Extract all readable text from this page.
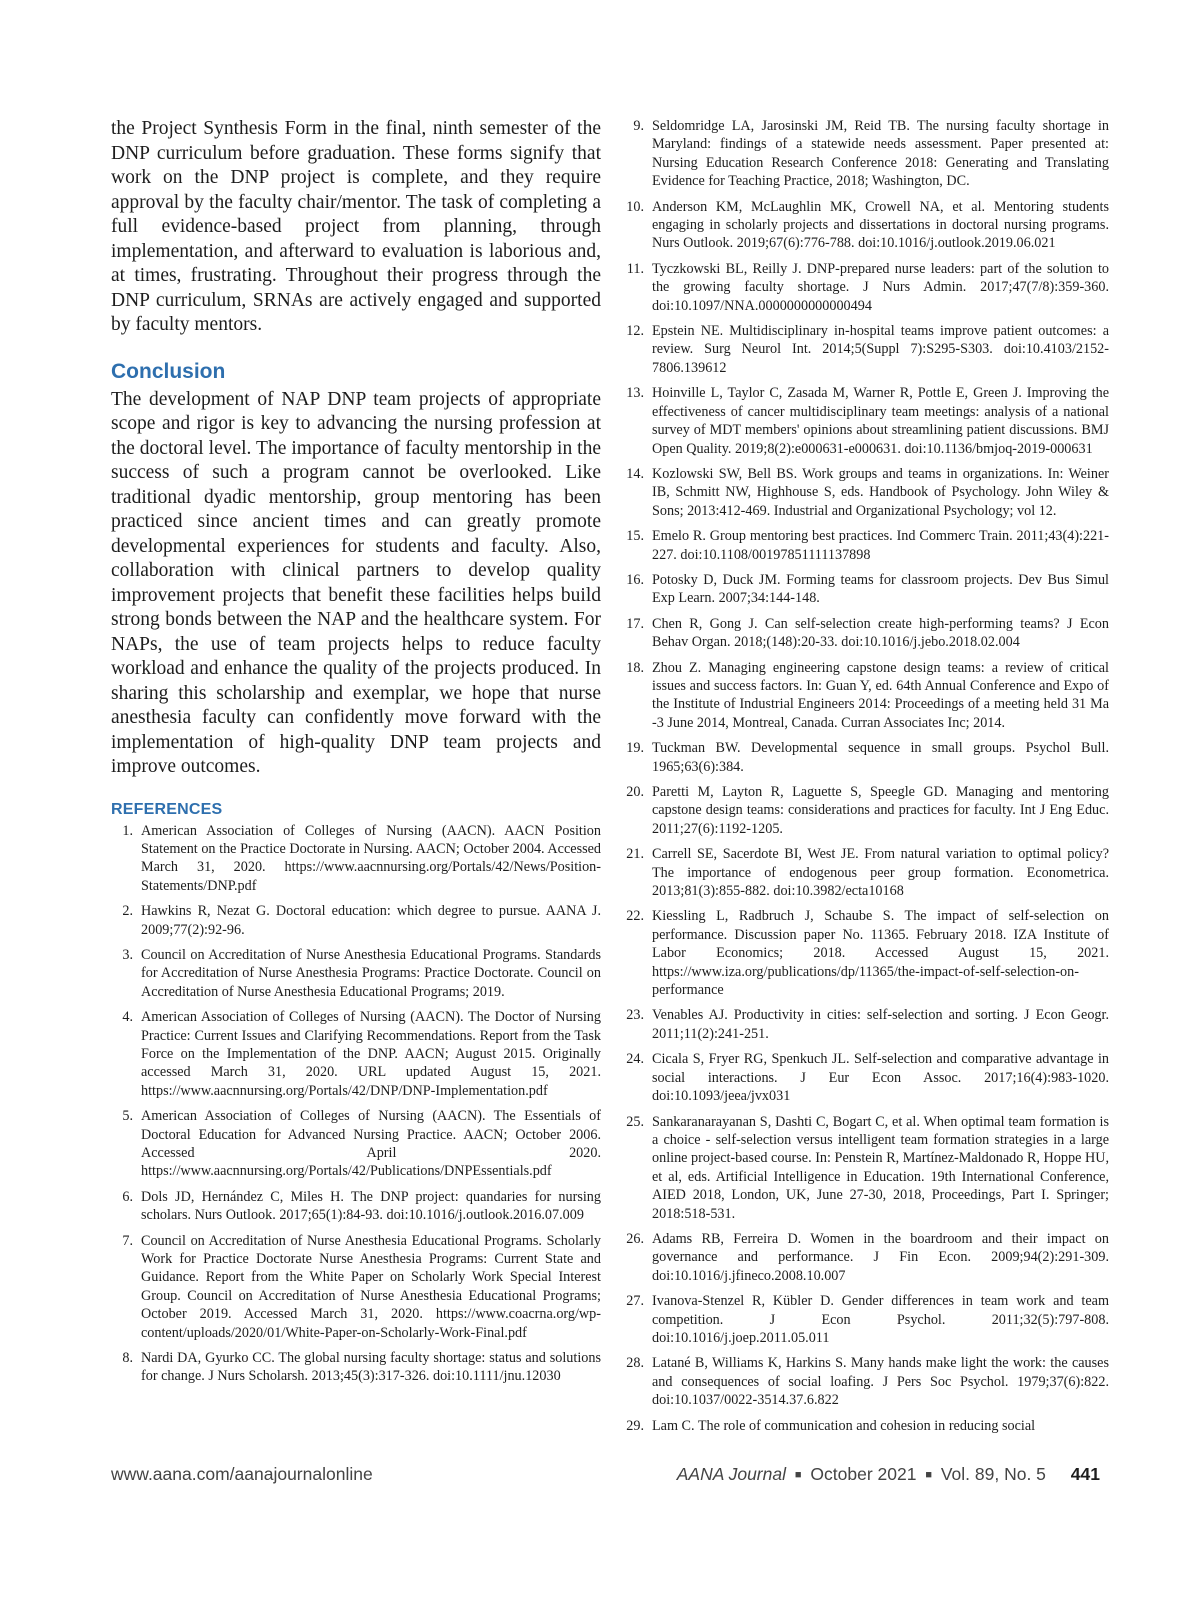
the Project Synthesis Form in the final, ninth semester of the DNP curriculum before graduation. These forms signify that work on the DNP project is complete, and they require approval by the faculty chair/mentor. The task of completing a full evidence-based project from planning, through implementation, and afterward to evaluation is laborious and, at times, frustrating. Throughout their progress through the DNP curriculum, SRNAs are actively engaged and supported by faculty mentors.

Conclusion

The development of NAP DNP team projects of appropriate scope and rigor is key to advancing the nursing profession at the doctoral level. The importance of faculty mentorship in the success of such a program cannot be overlooked. Like traditional dyadic mentorship, group mentoring has been practiced since ancient times and can greatly promote developmental experiences for students and faculty. Also, collaboration with clinical partners to develop quality improvement projects that benefit these facilities helps build strong bonds between the NAP and the healthcare system. For NAPs, the use of team projects helps to reduce faculty workload and enhance the quality of the projects produced. In sharing this scholarship and exemplar, we hope that nurse anesthesia faculty can confidently move forward with the implementation of high-quality DNP team projects and improve outcomes.

REFERENCES
1. American Association of Colleges of Nursing (AACN). AACN Position Statement on the Practice Doctorate in Nursing. AACN; October 2004. Accessed March 31, 2020. https://www.aacnnursing.org/Portals/42/News/Position-Statements/DNP.pdf
2. Hawkins R, Nezat G. Doctoral education: which degree to pursue. AANA J. 2009;77(2):92-96.
3. Council on Accreditation of Nurse Anesthesia Educational Programs. Standards for Accreditation of Nurse Anesthesia Programs: Practice Doctorate. Council on Accreditation of Nurse Anesthesia Educational Programs; 2019.
4. American Association of Colleges of Nursing (AACN). The Doctor of Nursing Practice: Current Issues and Clarifying Recommendations. Report from the Task Force on the Implementation of the DNP. AACN; August 2015. Originally accessed March 31, 2020. URL updated August 15, 2021. https://www.aacnnursing.org/Portals/42/DNP/DNP-Implementation.pdf
5. American Association of Colleges of Nursing (AACN). The Essentials of Doctoral Education for Advanced Nursing Practice. AACN; October 2006. Accessed April 2020. https://www.aacnnursing.org/Portals/42/Publications/DNPEssentials.pdf
6. Dols JD, Hernández C, Miles H. The DNP project: quandaries for nursing scholars. Nurs Outlook. 2017;65(1):84-93. doi:10.1016/j.outlook.2016.07.009
7. Council on Accreditation of Nurse Anesthesia Educational Programs. Scholarly Work for Practice Doctorate Nurse Anesthesia Programs: Current State and Guidance. Report from the White Paper on Scholarly Work Special Interest Group. Council on Accreditation of Nurse Anesthesia Educational Programs; October 2019. Accessed March 31, 2020. https://www.coacrna.org/wp-content/uploads/2020/01/White-Paper-on-Scholarly-Work-Final.pdf
8. Nardi DA, Gyurko CC. The global nursing faculty shortage: status and solutions for change. J Nurs Scholarsh. 2013;45(3):317-326. doi:10.1111/jnu.12030
9. Seldomridge LA, Jarosinski JM, Reid TB. The nursing faculty shortage in Maryland: findings of a statewide needs assessment. Paper presented at: Nursing Education Research Conference 2018: Generating and Translating Evidence for Teaching Practice, 2018; Washington, DC.
10. Anderson KM, McLaughlin MK, Crowell NA, et al. Mentoring students engaging in scholarly projects and dissertations in doctoral nursing programs. Nurs Outlook. 2019;67(6):776-788. doi:10.1016/j.outlook.2019.06.021
11. Tyczkowski BL, Reilly J. DNP-prepared nurse leaders: part of the solution to the growing faculty shortage. J Nurs Admin. 2017;47(7/8):359-360. doi:10.1097/NNA.0000000000000494
12. Epstein NE. Multidisciplinary in-hospital teams improve patient outcomes: a review. Surg Neurol Int. 2014;5(Suppl 7):S295-S303. doi:10.4103/2152-7806.139612
13. Hoinville L, Taylor C, Zasada M, Warner R, Pottle E, Green J. Improving the effectiveness of cancer multidisciplinary team meetings: analysis of a national survey of MDT members' opinions about streamlining patient discussions. BMJ Open Quality. 2019;8(2):e000631-e000631. doi:10.1136/bmjoq-2019-000631
14. Kozlowski SW, Bell BS. Work groups and teams in organizations. In: Weiner IB, Schmitt NW, Highhouse S, eds. Handbook of Psychology. John Wiley & Sons; 2013:412-469. Industrial and Organizational Psychology; vol 12.
15. Emelo R. Group mentoring best practices. Ind Commerc Train. 2011;43(4):221-227. doi:10.1108/00197851111137898
16. Potosky D, Duck JM. Forming teams for classroom projects. Dev Bus Simul Exp Learn. 2007;34:144-148.
17. Chen R, Gong J. Can self-selection create high-performing teams? J Econ Behav Organ. 2018;(148):20-33. doi:10.1016/j.jebo.2018.02.004
18. Zhou Z. Managing engineering capstone design teams: a review of critical issues and success factors. In: Guan Y, ed. 64th Annual Conference and Expo of the Institute of Industrial Engineers 2014: Proceedings of a meeting held 31 Ma -3 June 2014, Montreal, Canada. Curran Associates Inc; 2014.
19. Tuckman BW. Developmental sequence in small groups. Psychol Bull. 1965;63(6):384.
20. Paretti M, Layton R, Laguette S, Speegle GD. Managing and mentoring capstone design teams: considerations and practices for faculty. Int J Eng Educ. 2011;27(6):1192-1205.
21. Carrell SE, Sacerdote BI, West JE. From natural variation to optimal policy? The importance of endogenous peer group formation. Econometrica. 2013;81(3):855-882. doi:10.3982/ecta10168
22. Kiessling L, Radbruch J, Schaube S. The impact of self-selection on performance. Discussion paper No. 11365. February 2018. IZA Institute of Labor Economics; 2018. Accessed August 15, 2021. https://www.iza.org/publications/dp/11365/the-impact-of-self-selection-on-performance
23. Venables AJ. Productivity in cities: self-selection and sorting. J Econ Geogr. 2011;11(2):241-251.
24. Cicala S, Fryer RG, Spenkuch JL. Self-selection and comparative advantage in social interactions. J Eur Econ Assoc. 2017;16(4):983-1020. doi:10.1093/jeea/jvx031
25. Sankaranarayanan S, Dashti C, Bogart C, et al. When optimal team formation is a choice - self-selection versus intelligent team formation strategies in a large online project-based course. In: Penstein R, Martínez-Maldonado R, Hoppe HU, et al, eds. Artificial Intelligence in Education. 19th International Conference, AIED 2018, London, UK, June 27-30, 2018, Proceedings, Part I. Springer; 2018:518-531.
26. Adams RB, Ferreira D. Women in the boardroom and their impact on governance and performance. J Fin Econ. 2009;94(2):291-309. doi:10.1016/j.jfineco.2008.10.007
27. Ivanova-Stenzel R, Kübler D. Gender differences in team work and team competition. J Econ Psychol. 2011;32(5):797-808. doi:10.1016/j.joep.2011.05.011
28. Latané B, Williams K, Harkins S. Many hands make light the work: the causes and consequences of social loafing. J Pers Soc Psychol. 1979;37(6):822. doi:10.1037/0022-3514.37.6.822
29. Lam C. The role of communication and cohesion in reducing social
www.aana.com/aanajournalonline	AANA Journal ■ October 2021 ■ Vol. 89, No. 5 441
